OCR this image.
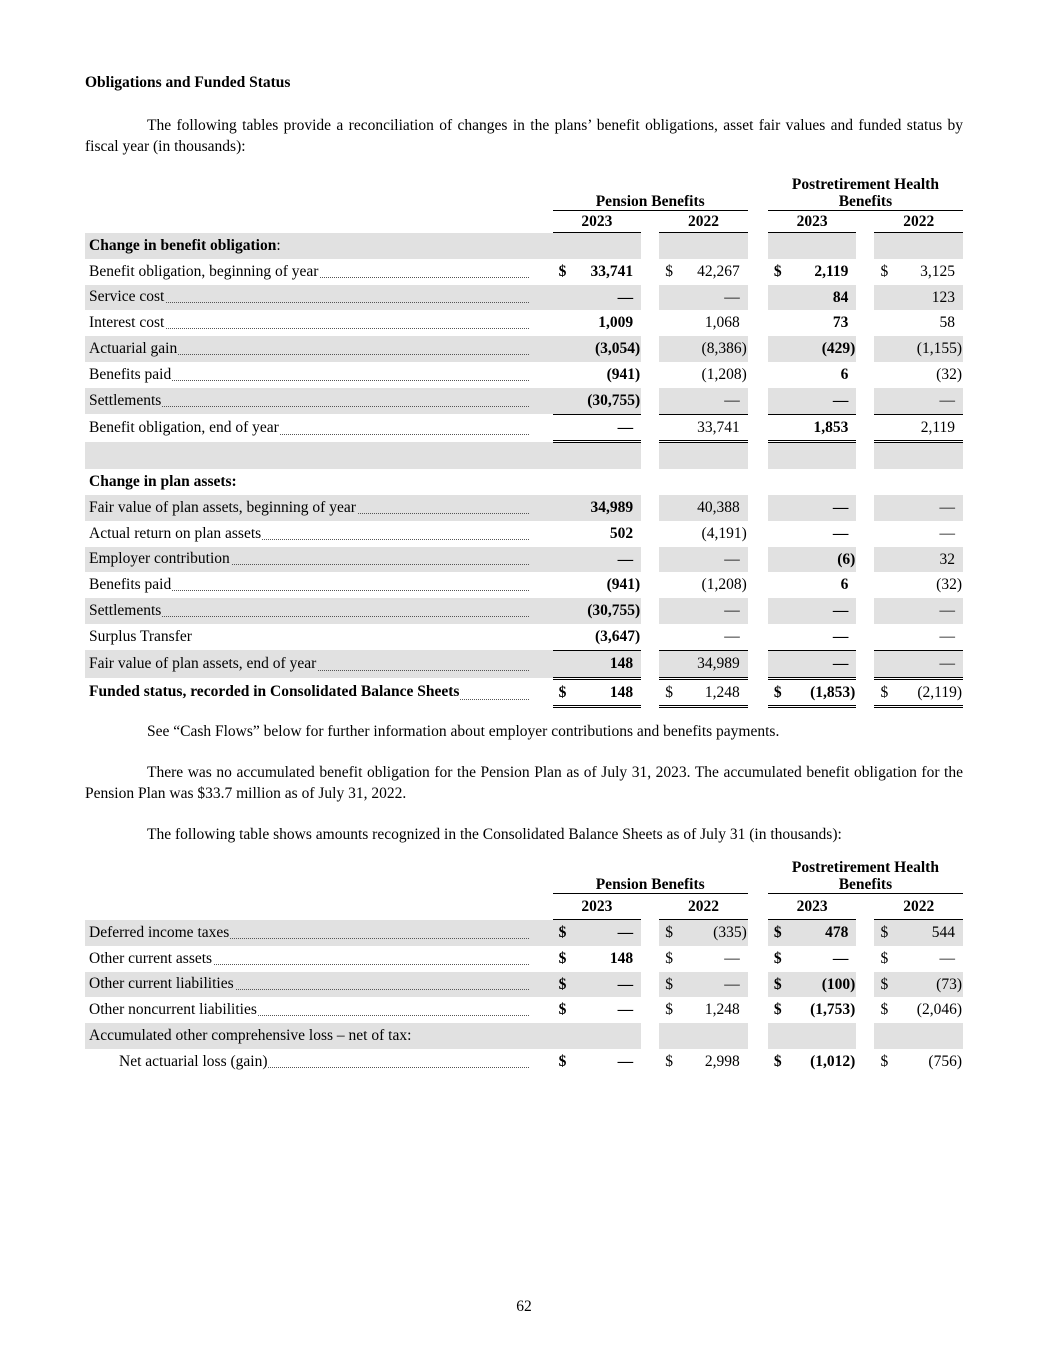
Obligations and Funded Status
The following tables provide a reconciliation of changes in the plans’ benefit obligations, asset fair values and funded status by fiscal year (in thousands):
	Pension Benefits				Postretirement Health
Benefits		
	2023		2022		2023		2022
Change in benefit obligation:							

Benefit obligation, beginning of year	$ 33,741		$ 42,267		$ 2,119		$ 3,125

Service cost	—		—		84		123

Interest cost	1,009		1,068		73		58

Actuarial gain	(3,054)		(8,386)		(429)		(1,155)

Benefits paid	(941)		(1,208)		6		(32)

Settlements	(30,755)		—		—		—

Benefit obligation, end of year	—		33,741		1,853		2,119

Change in plan assets:							

Fair value of plan assets, beginning of year	34,989		40,388		—		—

Actual return on plan assets	502		(4,191)		—		—

Employer contribution	—		—		(6)		32

Benefits paid	(941)		(1,208)		6		(32)

Settlements	(30,755)		—		—		—

Surplus Transfer	(3,647)		—		—		—

Fair value of plan assets, end of year	148		34,989		—		—

Funded status, recorded in Consolidated Balance Sheets	$ 148		$ 1,248		$ (1,853)		$ (2,119)
See “Cash Flows” below for further information about employer contributions and benefits payments.
There was no accumulated benefit obligation for the Pension Plan as of July 31, 2023. The accumulated benefit obligation for the Pension Plan was $33.7 million as of July 31, 2022.
The following table shows amounts recognized in the Consolidated Balance Sheets as of July 31 (in thousands):
	Pension Benefits				Postretirement Health
Benefits		
	2023		2022		2023		2022

Deferred income taxes	$ —		$ (335)		$ 478		$ 544

Other current assets	$ 148		$ —		$ —		$ —

Other current liabilities	$ —		$ —		$ (100)		$ (73)

Other noncurrent liabilities	$ —		$ 1,248		$ (1,753)		$ (2,046)

Accumulated other comprehensive loss – net of tax:							

Net actuarial loss (gain)	$ —		$ 2,998		$ (1,012)		$ (756)
62
